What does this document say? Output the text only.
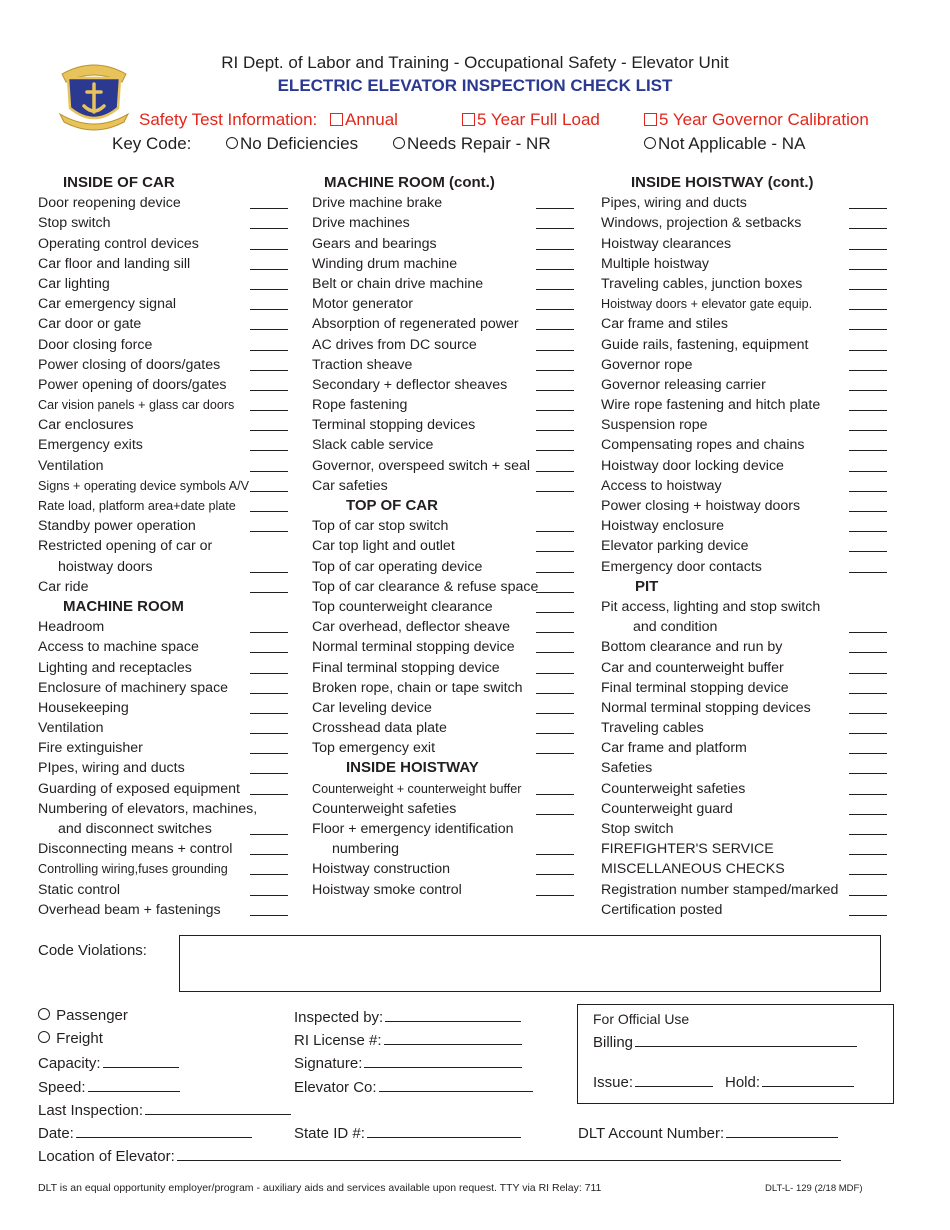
RI Dept. of Labor and Training - Occupational Safety - Elevator Unit
ELECTRIC ELEVATOR INSPECTION CHECK LIST
Safety Test Information:	Annual	5 Year Full Load	5 Year Governor Calibration
Key Code:	No Deficiencies	Needs Repair - NR	Not Applicable - NA
INSIDE OF CAR
Door reopening device
Stop switch
Operating control devices
Car floor and landing sill
Car lighting
Car emergency signal
Car door or gate
Door closing force
Power closing of doors/gates
Power opening of doors/gates
Car vision panels + glass car doors
Car enclosures
Emergency exits
Ventilation
Signs + operating device symbols A/V
Rate load, platform area+date plate
Standby power operation
Restricted opening of car or
hoistway doors
Car ride
MACHINE ROOM
Headroom
Access to machine space
Lighting and receptacles
Enclosure of machinery space
Housekeeping
Ventilation
Fire extinguisher
PIpes, wiring and ducts
Guarding of exposed equipment
Numbering of elevators, machines,
and disconnect switches
Disconnecting means + control
Controlling wiring,fuses grounding
Static control
Overhead beam + fastenings
MACHINE ROOM (cont.)
Drive machine brake
Drive machines
Gears and bearings
Winding drum machine
Belt or chain drive machine
Motor generator
Absorption of regenerated power
AC drives from DC source
Traction sheave
Secondary + deflector sheaves
Rope fastening
Terminal stopping devices
Slack cable service
Governor, overspeed switch + seal
Car safeties
TOP OF CAR
Top of car stop switch
Car top light and outlet
Top of car operating device
Top of car clearance & refuse space
Top counterweight clearance
Car overhead, deflector sheave
Normal terminal stopping device
Final terminal stopping device
Broken rope, chain or tape switch
Car leveling device
Crosshead data plate
Top emergency exit
INSIDE HOISTWAY
Counterweight + counterweight buffer
Counterweight safeties
Floor + emergency identification
numbering
Hoistway construction
Hoistway smoke control
INSIDE HOISTWAY (cont.)
Pipes, wiring and ducts
Windows, projection & setbacks
Hoistway clearances
Multiple hoistway
Traveling cables, junction boxes
Hoistway doors + elevator gate equip.
Car frame and stiles
Guide rails, fastening, equipment
Governor rope
Governor releasing carrier
Wire rope fastening and hitch plate
Suspension rope
Compensating ropes and chains
Hoistway door locking device
Access to hoistway
Power closing + hoistway doors
Hoistway enclosure
Elevator parking device
Emergency door contacts
PIT
Pit access, lighting and stop switch
and condition
Bottom clearance and run by
Car and counterweight buffer
Final terminal stopping device
Normal terminal stopping devices
Traveling cables
Car frame and platform
Safeties
Counterweight safeties
Counterweight guard
Stop switch
FIREFIGHTER'S SERVICE
MISCELLANEOUS CHECKS
Registration number stamped/marked
Certification posted
Code Violations:
Passenger
Freight
Capacity:
Speed:
Last Inspection:
Date:
Location of Elevator:
Inspected by:
RI License #:
Signature:
Elevator Co:
State ID #:
For Official Use
Billing
Issue:	Hold:
DLT Account Number:
DLT is an equal opportunity employer/program - auxiliary aids and services available upon request. TTY via RI Relay: 711	DLT-L- 129 (2/18 MDF)
